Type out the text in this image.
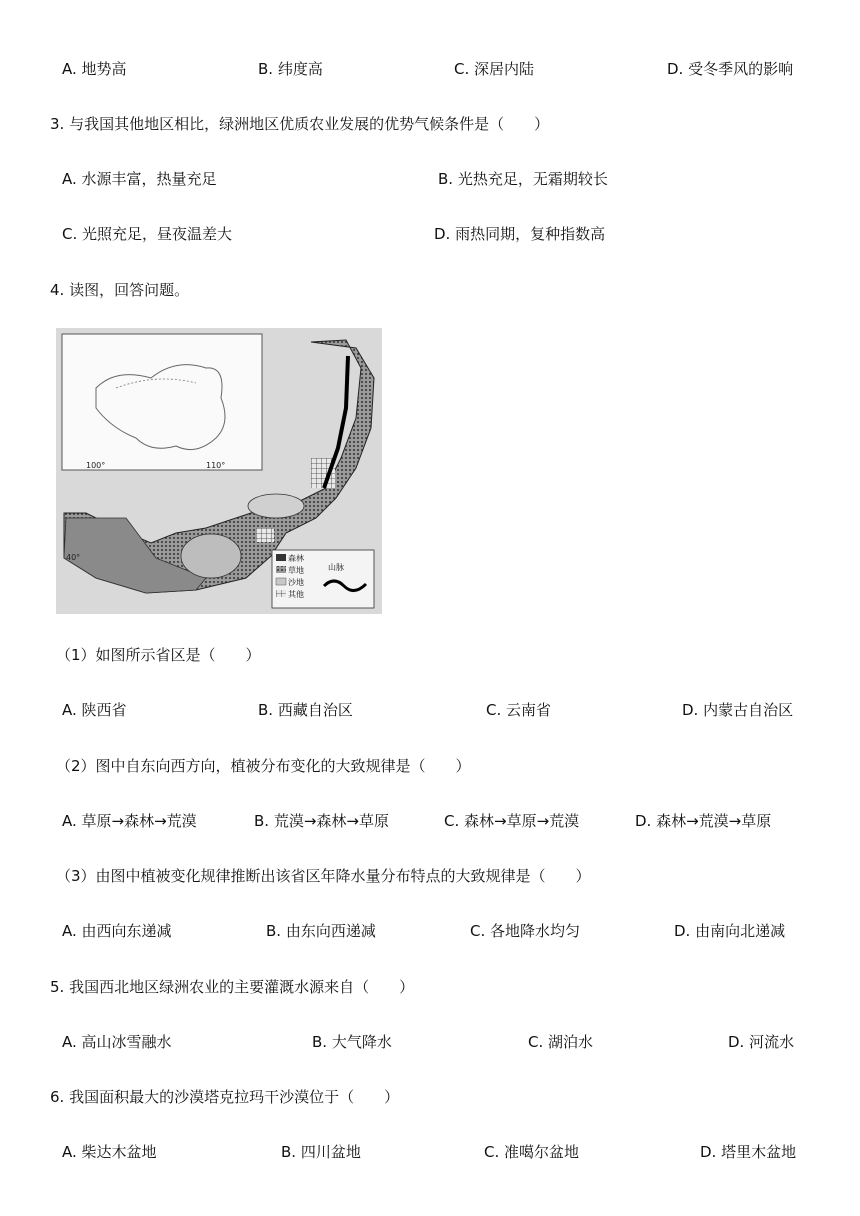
A. 地势高	B. 纬度高	C. 深居内陆	D. 受冬季风的影响
3. 与我国其他地区相比，绿洲地区优质农业发展的优势气候条件是（　　）
A. 水源丰富，热量充足	B. 光热充足，无霜期较长
C. 光照充足，昼夜温差大	D. 雨热同期，复种指数高
4. 读图，回答问题。
100°	110°
40°	森林
草地
沙地
其他
山脉
（1）如图所示省区是（　　）
A. 陕西省	B. 西藏自治区	C. 云南省	D. 内蒙古自治区
（2）图中自东向西方向，植被分布变化的大致规律是（　　）
A. 草原→森林→荒漠	B. 荒漠→森林→草原	C. 森林→草原→荒漠	D. 森林→荒漠→草原
（3）由图中植被变化规律推断出该省区年降水量分布特点的大致规律是（　　）
A. 由西向东递减	B. 由东向西递减	C. 各地降水均匀	D. 由南向北递减
5. 我国西北地区绿洲农业的主要灌溉水源来自（　　）
A. 高山冰雪融水	B. 大气降水	C. 湖泊水	D. 河流水
6. 我国面积最大的沙漠塔克拉玛干沙漠位于（　　）
A. 柴达木盆地	B. 四川盆地	C. 准噶尔盆地	D. 塔里木盆地
